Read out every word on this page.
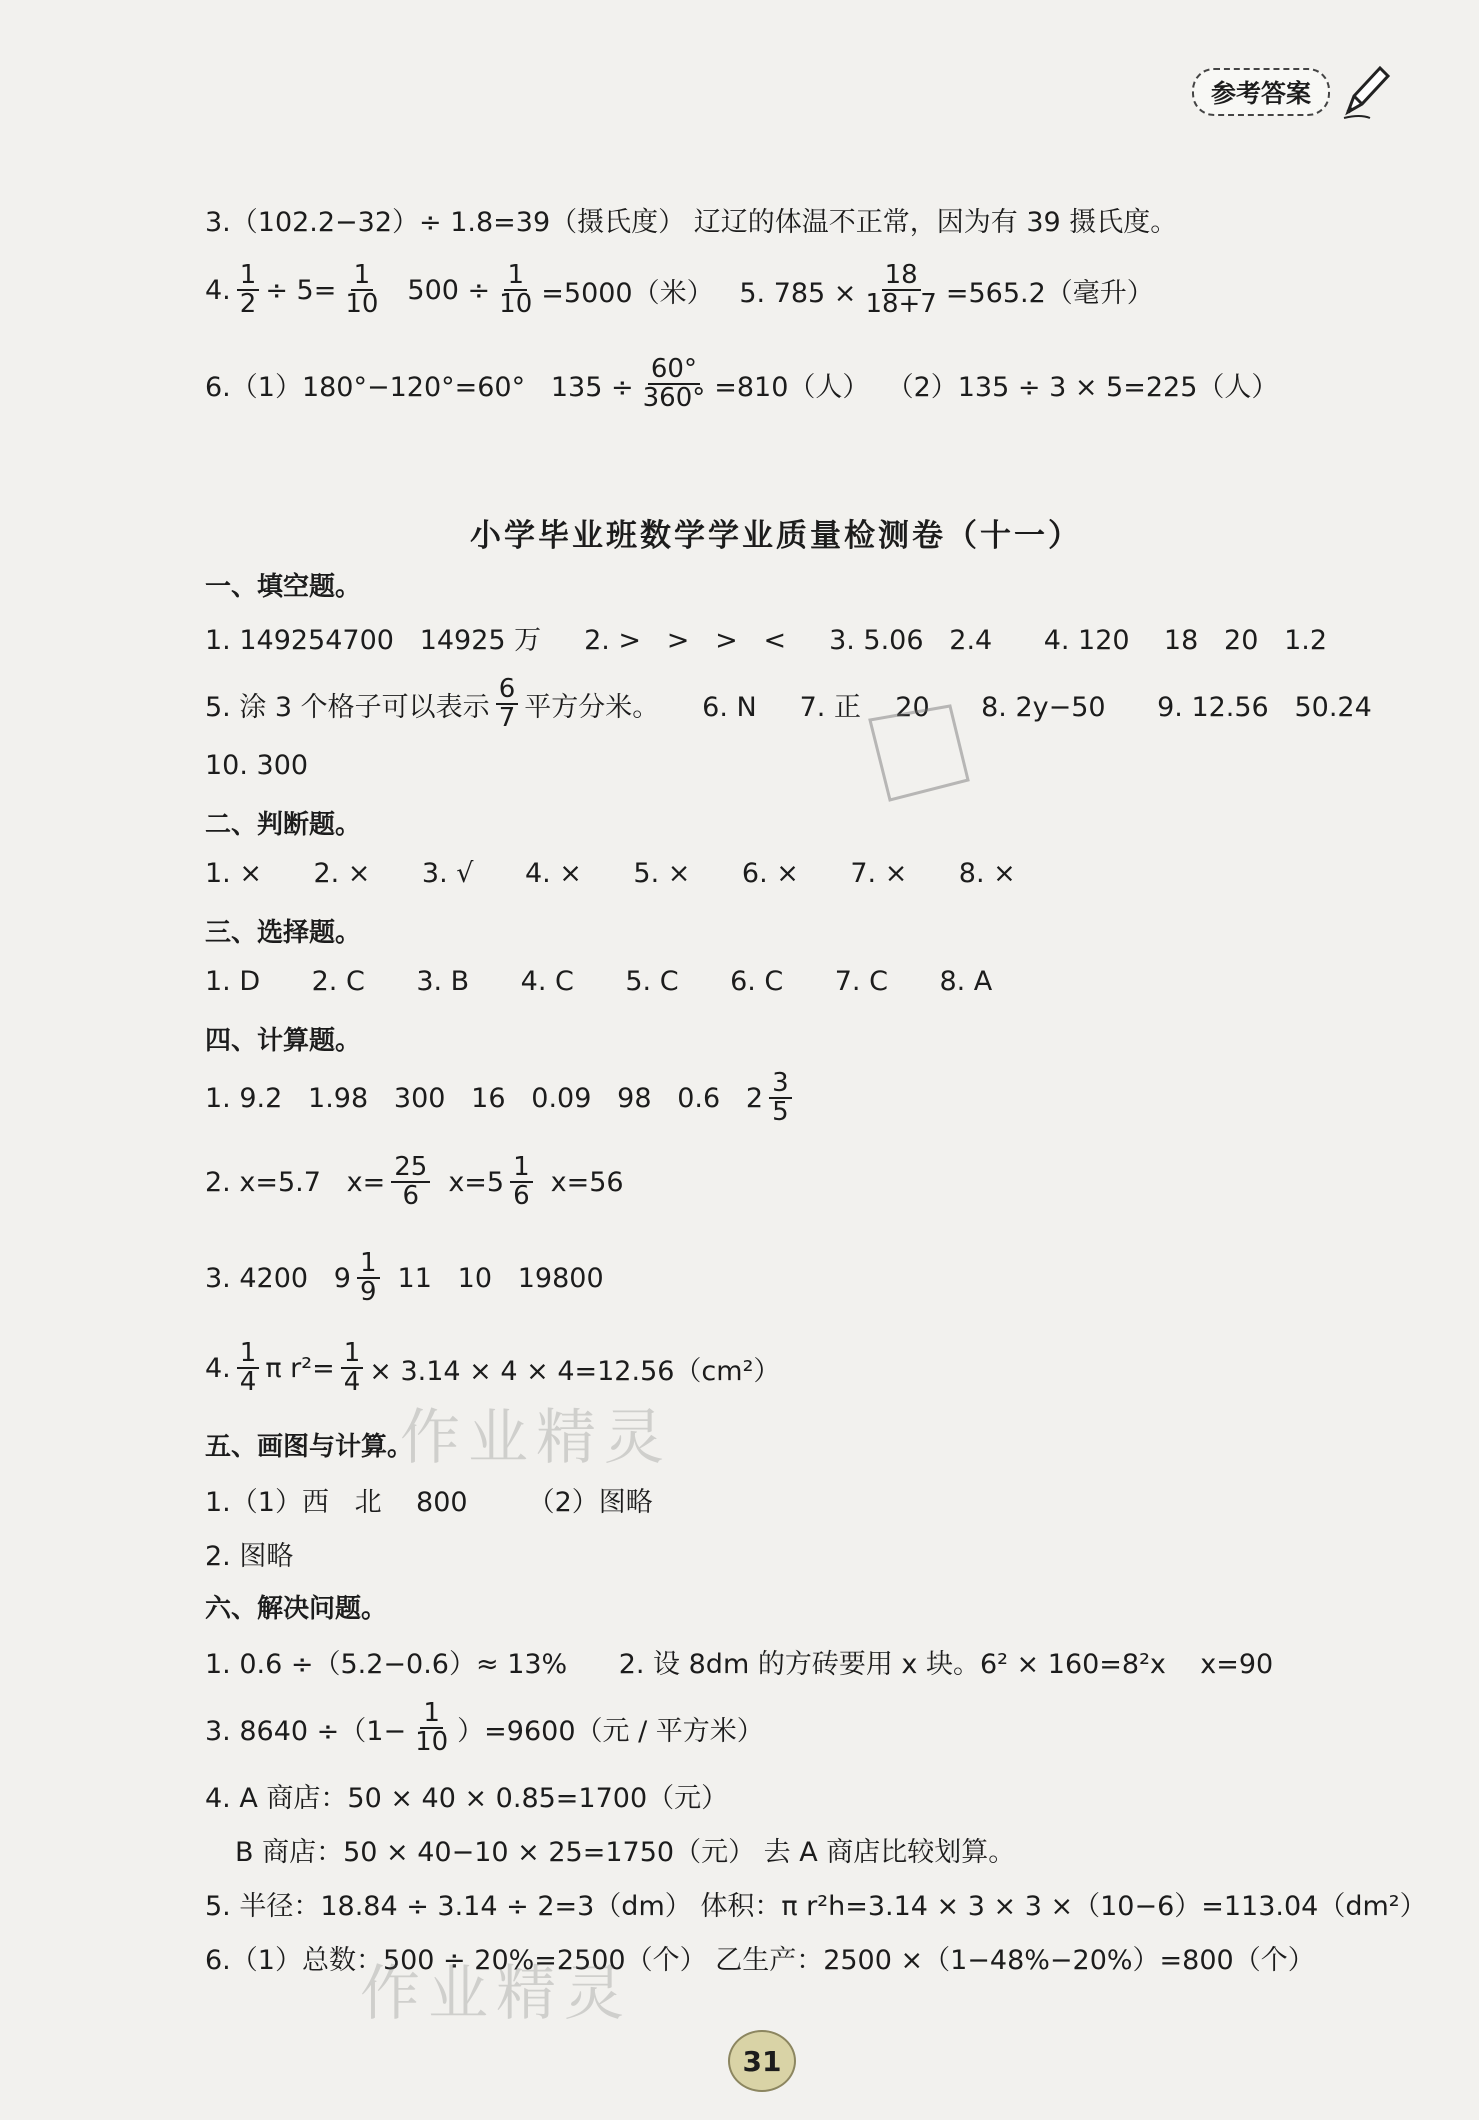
参考答案
3.（102.2−32）÷ 1.8=39（摄氏度） 辽辽的体温不正常，因为有 39 摄氏度。
4. $\frac{1}{2} \div 5= \frac{1}{10} 500 \div \frac{1}{10} =5000$（米）   5. $785 \times \frac{18}{18+7} =565.2$（毫升）
6.（1）180°−120°=60°   $135 \div \frac{60^\circ}{360^\circ} =810$（人）  （2）135 ÷ 3 × 5=225（人）
小学毕业班数学学业质量检测卷（十一）
一、填空题。
1. 149254700   14925 万     2. >   >   >   <     3. 5.06   2.4      4. 120    18   20   1.2
5. 涂 3 个格子可以表示 $\frac{6}{7}$ 平方分米。     6. N     7. 正    20      8. 2y−50      9. 12.56   50.24
10. 300
二、判断题。
1. ×      2. ×      3. √      4. ×      5. ×      6. ×      7. ×      8. ×
三、选择题。
1. D      2. C      3. B      4. C      5. C      6. C      7. C      8. A
四、计算题。
1. 9.2   1.98   300   16   0.09   98   0.6   $2 \frac{3}{5}$
2. x=5.7   $x= \frac{25}{6} x=5 \frac{1}{6} x=56$
3. 4200   $9 \frac{1}{9} 11$   10   19800
4. $\frac{1}{4}$ π $r^2= \frac{1}{4} \times 3.14 \times 4 \times 4=12.56(cm^2)$
五、画图与计算。
1.（1）西   北    800       （2）图略
2. 图略
六、解决问题。
1. 0.6 ÷（5.2−0.6）≈ 13%      2. 设 8dm 的方砖要用 x 块。6² × 160=8²x    x=90
3. $8640 \div(1- \frac{1}{10} )=9600$（元 / 平方米）
4. A 商店：50 × 40 × 0.85=1700（元）
B 商店：50 × 40−10 × 25=1750（元） 去 A 商店比较划算。
5. 半径：18.84 ÷ 3.14 ÷ 2=3（dm） 体积：π r²h=3.14 × 3 × 3 ×（10−6）=113.04（dm²）
6.（1）总数：500 ÷ 20%=2500（个） 乙生产：2500 ×（1−48%−20%）=800（个）
作业精灵
作业精灵
31
